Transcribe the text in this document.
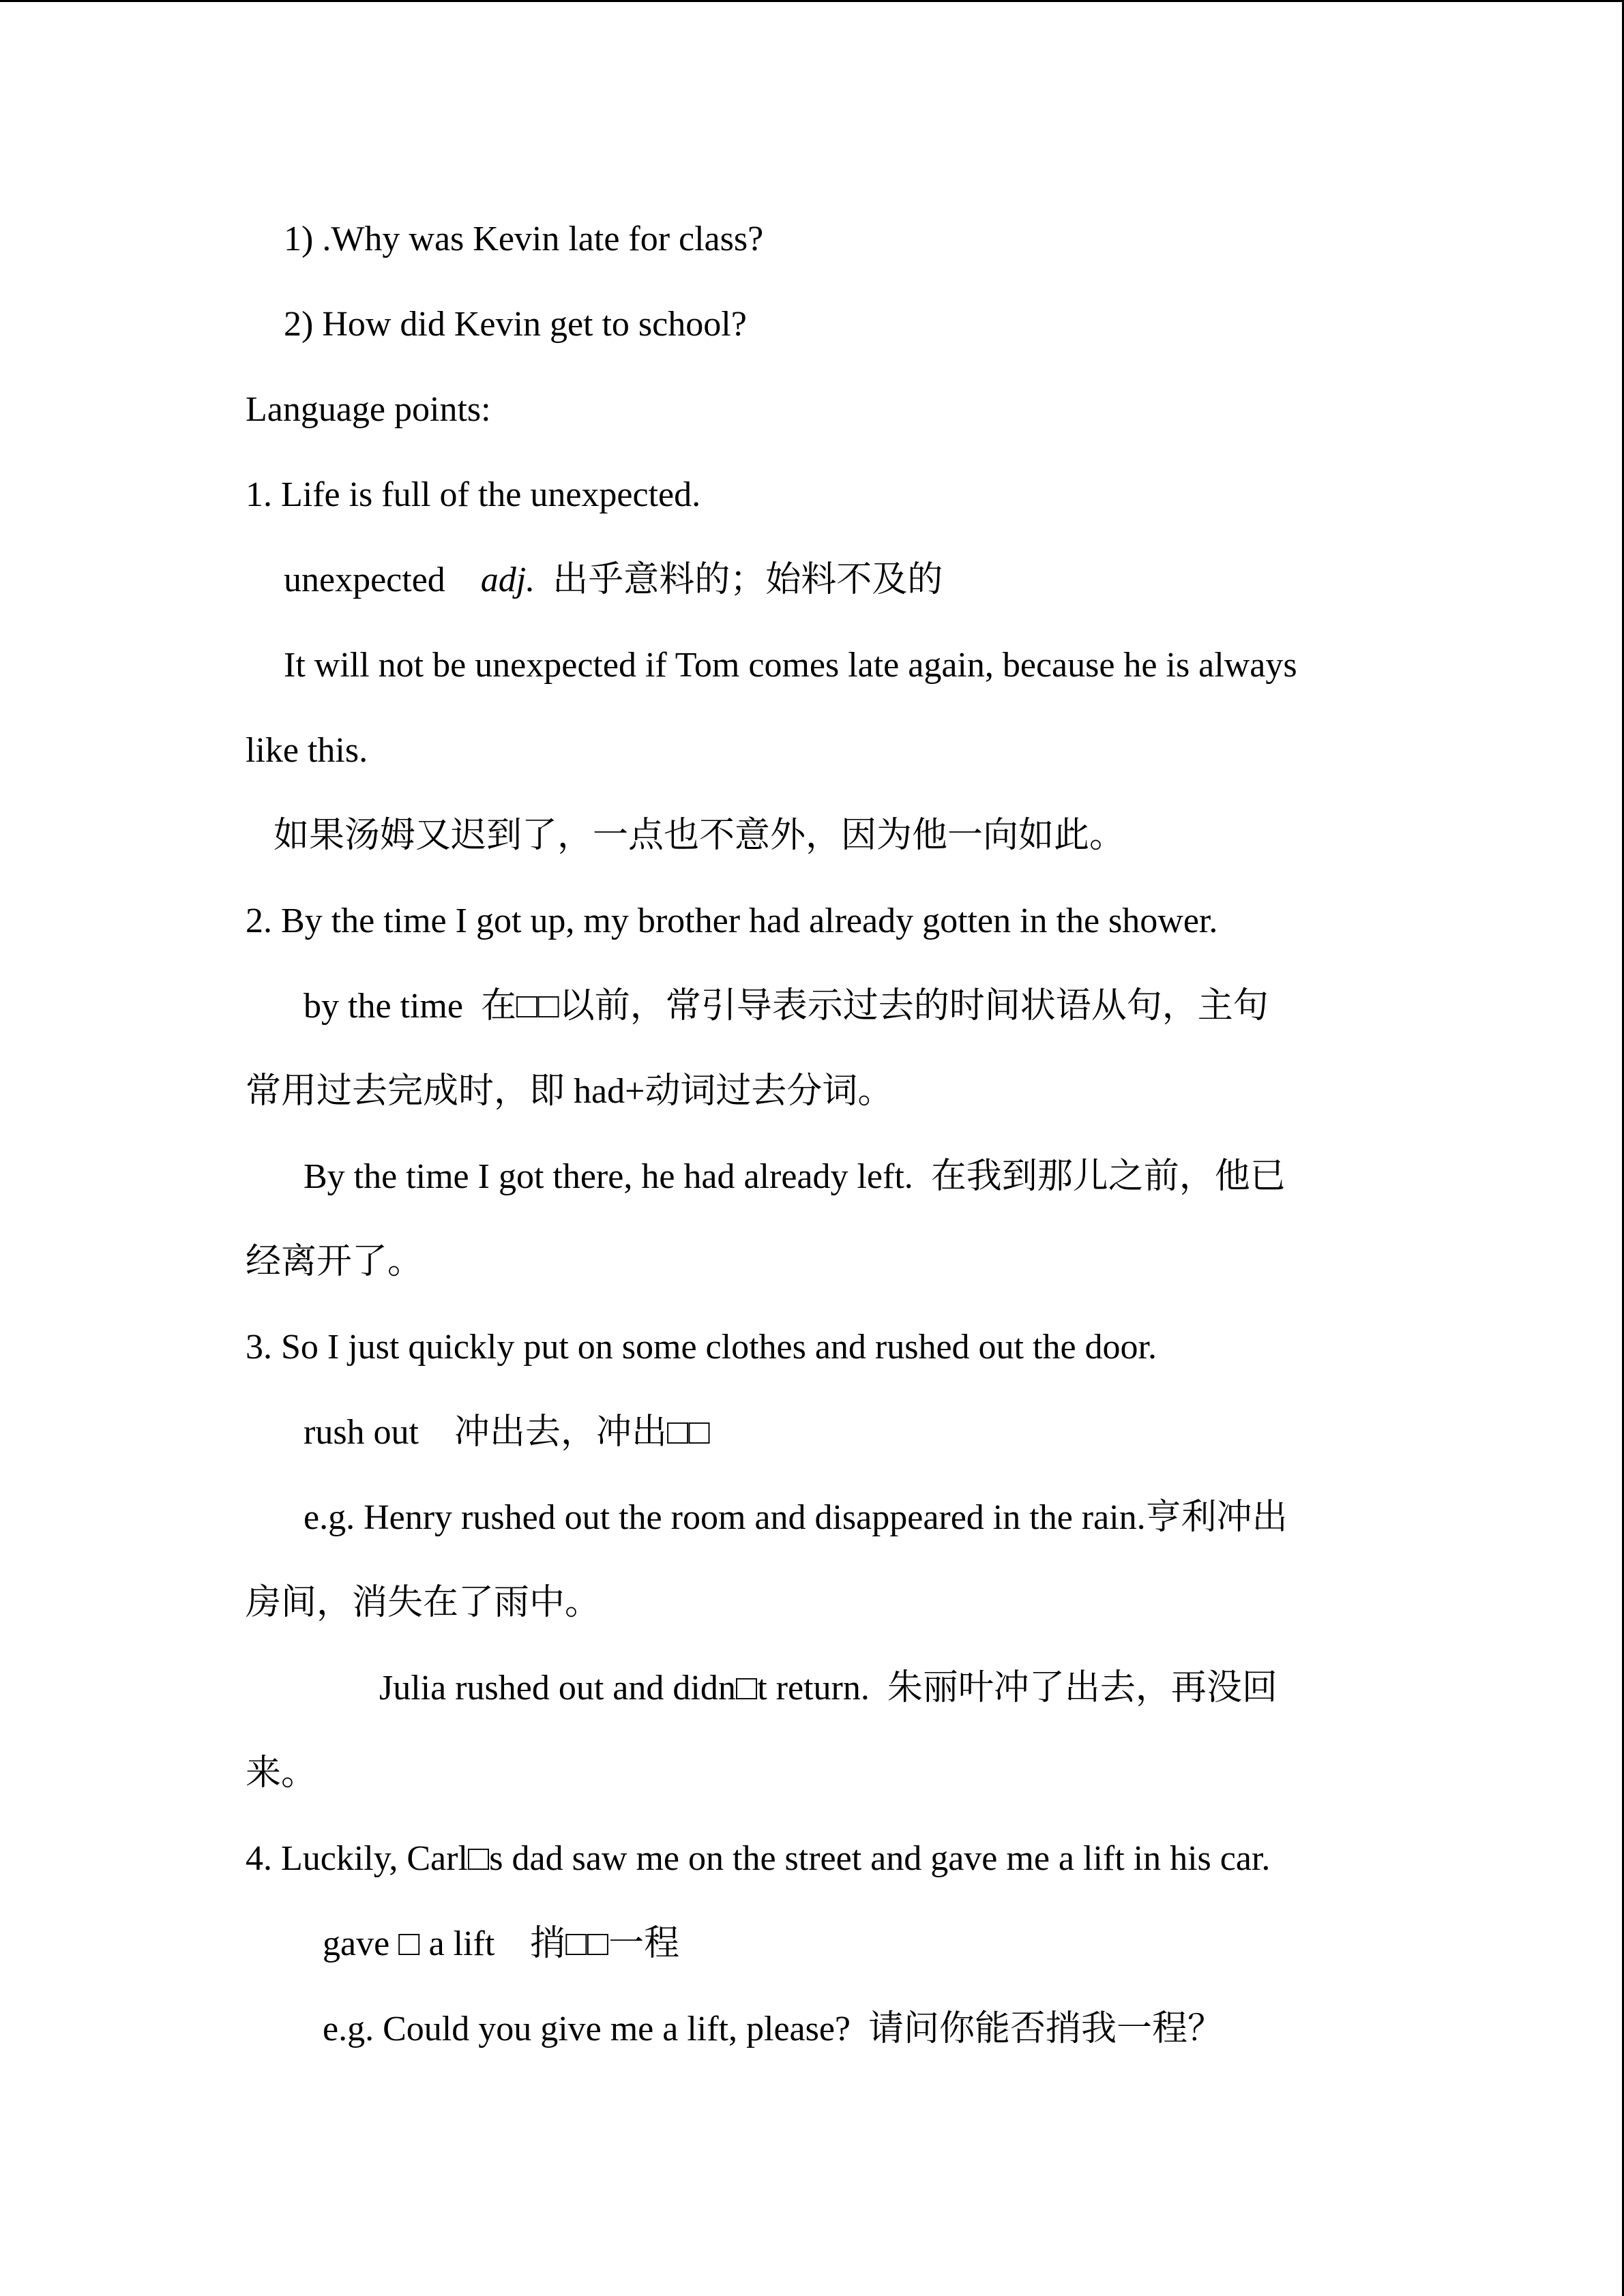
1) .Why was Kevin late for class?

2) How did Kevin get to school?

Language points:

1. Life is full of the unexpected.

unexpected adj. 出乎意料的；始料不及的

It will not be unexpected if Tom comes late again, because he is always

like this.

如果汤姆又迟到了，一点也不意外，因为他一向如此。

2. By the time I got up, my brother had already gotten in the shower.

by the time  在□□以前，常引导表示过去的时间状语从句，主句

常用过去完成时，即 had+动词过去分词。

By the time I got there, he had already left.  在我到那儿之前，他已

经离开了。

3. So I just quickly put on some clothes and rushed out the door.

rush out    冲出去，冲出□□

e.g. Henry rushed out the room and disappeared in the rain.亨利冲出

房间，消失在了雨中。

Julia rushed out and didn□t return.  朱丽叶冲了出去，再没回

来。

4. Luckily, Carl□s dad saw me on the street and gave me a lift in his car.

gave □ a lift    捎□□一程

e.g. Could you give me a lift, please?  请问你能否捎我一程？
